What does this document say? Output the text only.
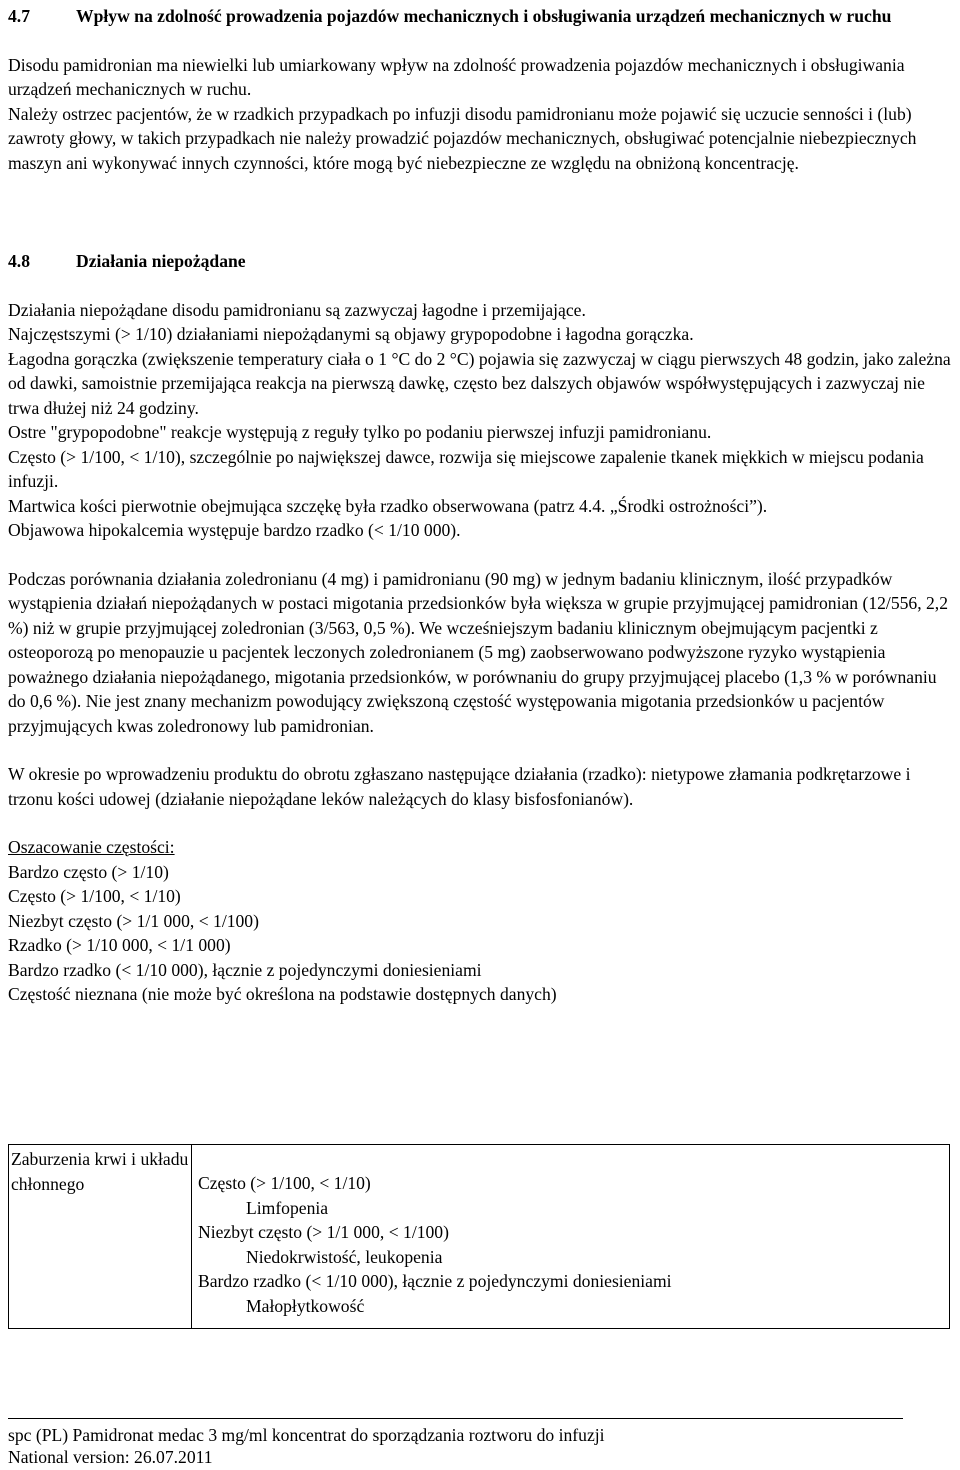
4.7	Wpływ na zdolność prowadzenia pojazdów mechanicznych i obsługiwania urządzeń mechanicznych w ruchu

Disodu pamidronian ma niewielki lub umiarkowany wpływ na zdolność prowadzenia pojazdów mechanicznych i obsługiwania urządzeń mechanicznych w ruchu.

Należy ostrzec pacjentów, że w rzadkich przypadkach po infuzji disodu pamidronianu może pojawić się uczucie senności i (lub) zawroty głowy, w takich przypadkach nie należy prowadzić pojazdów mechanicznych, obsługiwać potencjalnie niebezpiecznych maszyn ani wykonywać innych czynności, które mogą być niebezpieczne ze względu na obniżoną koncentrację.

4.8	Działania niepożądane

Działania niepożądane disodu pamidronianu są zazwyczaj łagodne i przemijające.

Najczęstszymi (> 1/10) działaniami niepożądanymi są objawy grypopodobne i łagodna gorączka.

Łagodna gorączka (zwiększenie temperatury ciała o 1 °C do 2 °C) pojawia się zazwyczaj w ciągu pierwszych 48 godzin, jako zależna od dawki, samoistnie przemijająca reakcja na pierwszą dawkę, często bez dalszych objawów współwystępujących i zazwyczaj nie trwa dłużej niż 24 godziny.

Ostre "grypopodobne" reakcje występują z reguły tylko po podaniu pierwszej infuzji pamidronianu.

Często (> 1/100, < 1/10), szczególnie po największej dawce, rozwija się miejscowe zapalenie tkanek miękkich w miejscu podania infuzji.

Martwica kości pierwotnie obejmująca szczękę była rzadko obserwowana (patrz 4.4. „Środki ostrożności”).

Objawowa hipokalcemia występuje bardzo rzadko (< 1/10 000).

Podczas porównania działania zoledronianu (4 mg) i pamidronianu (90 mg) w jednym badaniu klinicznym, ilość przypadków wystąpienia działań niepożądanych w postaci migotania przedsionków była większa w grupie przyjmującej pamidronian (12/556, 2,2 %) niż w grupie przyjmującej zoledronian (3/563, 0,5 %). We wcześniejszym badaniu klinicznym obejmującym pacjentki z osteoporozą po menopauzie u pacjentek leczonych zoledronianem (5 mg) zaobserwowano podwyższone ryzyko wystąpienia poważnego działania niepożądanego, migotania przedsionków, w porównaniu do grupy przyjmującej placebo (1,3 % w porównaniu do 0,6 %). Nie jest znany mechanizm powodujący zwiększoną częstość występowania migotania przedsionków u pacjentów przyjmujących kwas zoledronowy lub pamidronian.

W okresie po wprowadzeniu produktu do obrotu zgłaszano następujące działania (rzadko): nietypowe złamania podkrętarzowe i trzonu kości udowej (działanie niepożądane leków należących do klasy bisfosfonianów).

Oszacowanie częstości:

Bardzo często (> 1/10)

Często (> 1/100, < 1/10)

Niezbyt często (> 1/1 000, < 1/100)

Rzadko (> 1/10 000, < 1/1 000)

Bardzo rzadko (< 1/10 000), łącznie z pojedynczymi doniesieniami

Częstość nieznana (nie może być określona na podstawie dostępnych danych)

Zaburzenia krwi i układu chłonnego	Często (> 1/100, < 1/10)

Limfopenia

Niezbyt często (> 1/1 000, < 1/100)

Niedokrwistość, leukopenia

Bardzo rzadko (< 1/10 000), łącznie z pojedynczymi doniesieniami

Małopłytkowość

spc (PL) Pamidronat medac 3 mg/ml koncentrat do sporządzania roztworu do infuzji

National version: 26.07.2011
